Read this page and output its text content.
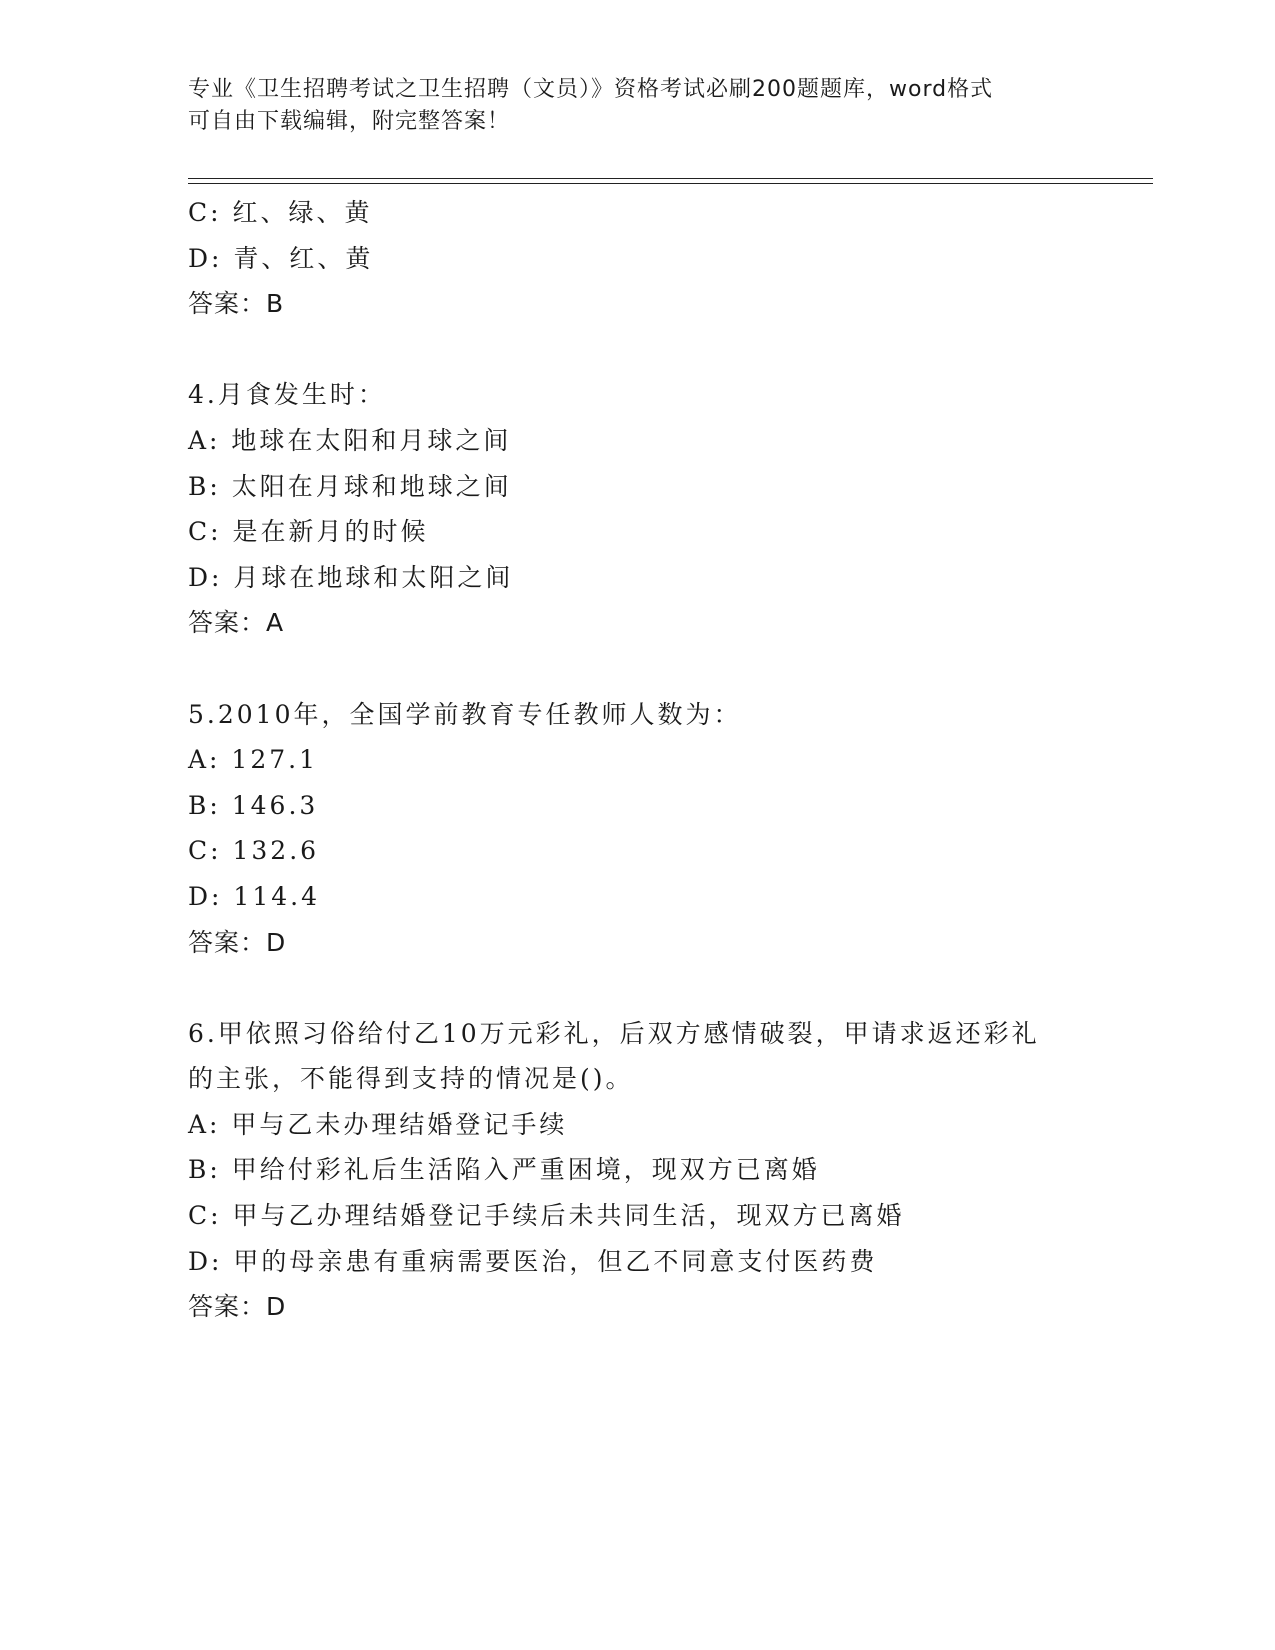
专业《卫生招聘考试之卫生招聘（文员）》资格考试必刷200题题库，word格式
可自由下载编辑，附完整答案！
C: 红、绿、黄
D: 青、红、黄
答案：B
4.月食发生时：
A: 地球在太阳和月球之间
B: 太阳在月球和地球之间
C: 是在新月的时候
D: 月球在地球和太阳之间
答案：A
5.2010年，全国学前教育专任教师人数为：
A: 127.1
B: 146.3
C: 132.6
D: 114.4
答案：D
6.甲依照习俗给付乙10万元彩礼，后双方感情破裂，甲请求返还彩礼
的主张，不能得到支持的情况是()。
A: 甲与乙未办理结婚登记手续
B: 甲给付彩礼后生活陷入严重困境，现双方已离婚
C: 甲与乙办理结婚登记手续后未共同生活，现双方已离婚
D: 甲的母亲患有重病需要医治，但乙不同意支付医药费
答案：D
